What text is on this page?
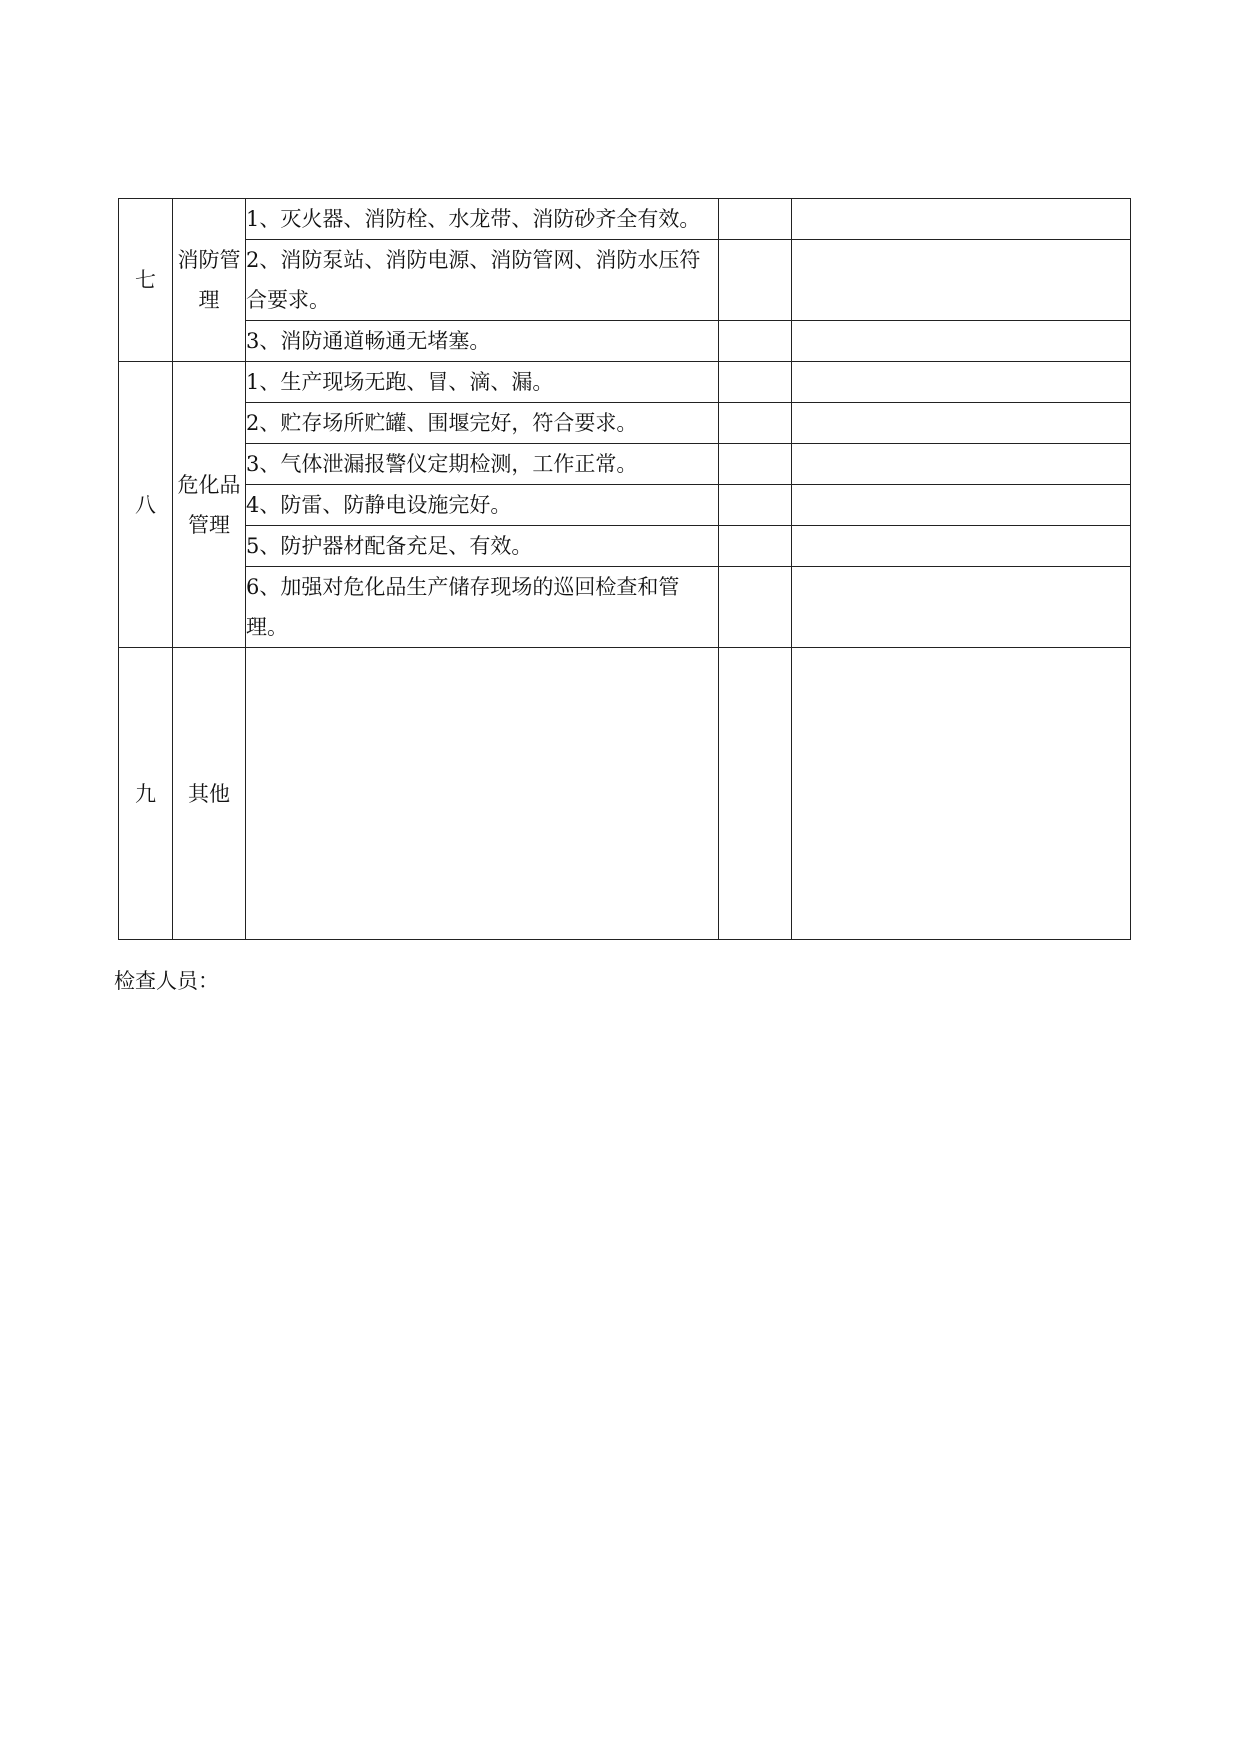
七	消防管理	1、灭火器、消防栓、水龙带、消防砂齐全有效。		
		2、消防泵站、消防电源、消防管网、消防水压符合要求。		
		3、消防通道畅通无堵塞。		
八	危化品管理	1、生产现场无跑、冒、滴、漏。		
		2、贮存场所贮罐、围堰完好，符合要求。		
		3、气体泄漏报警仪定期检测，工作正常。		
		4、防雷、防静电设施完好。		
		5、防护器材配备充足、有效。		
		6、加强对危化品生产储存现场的巡回检查和管理。		
九	其他			
检查人员：
